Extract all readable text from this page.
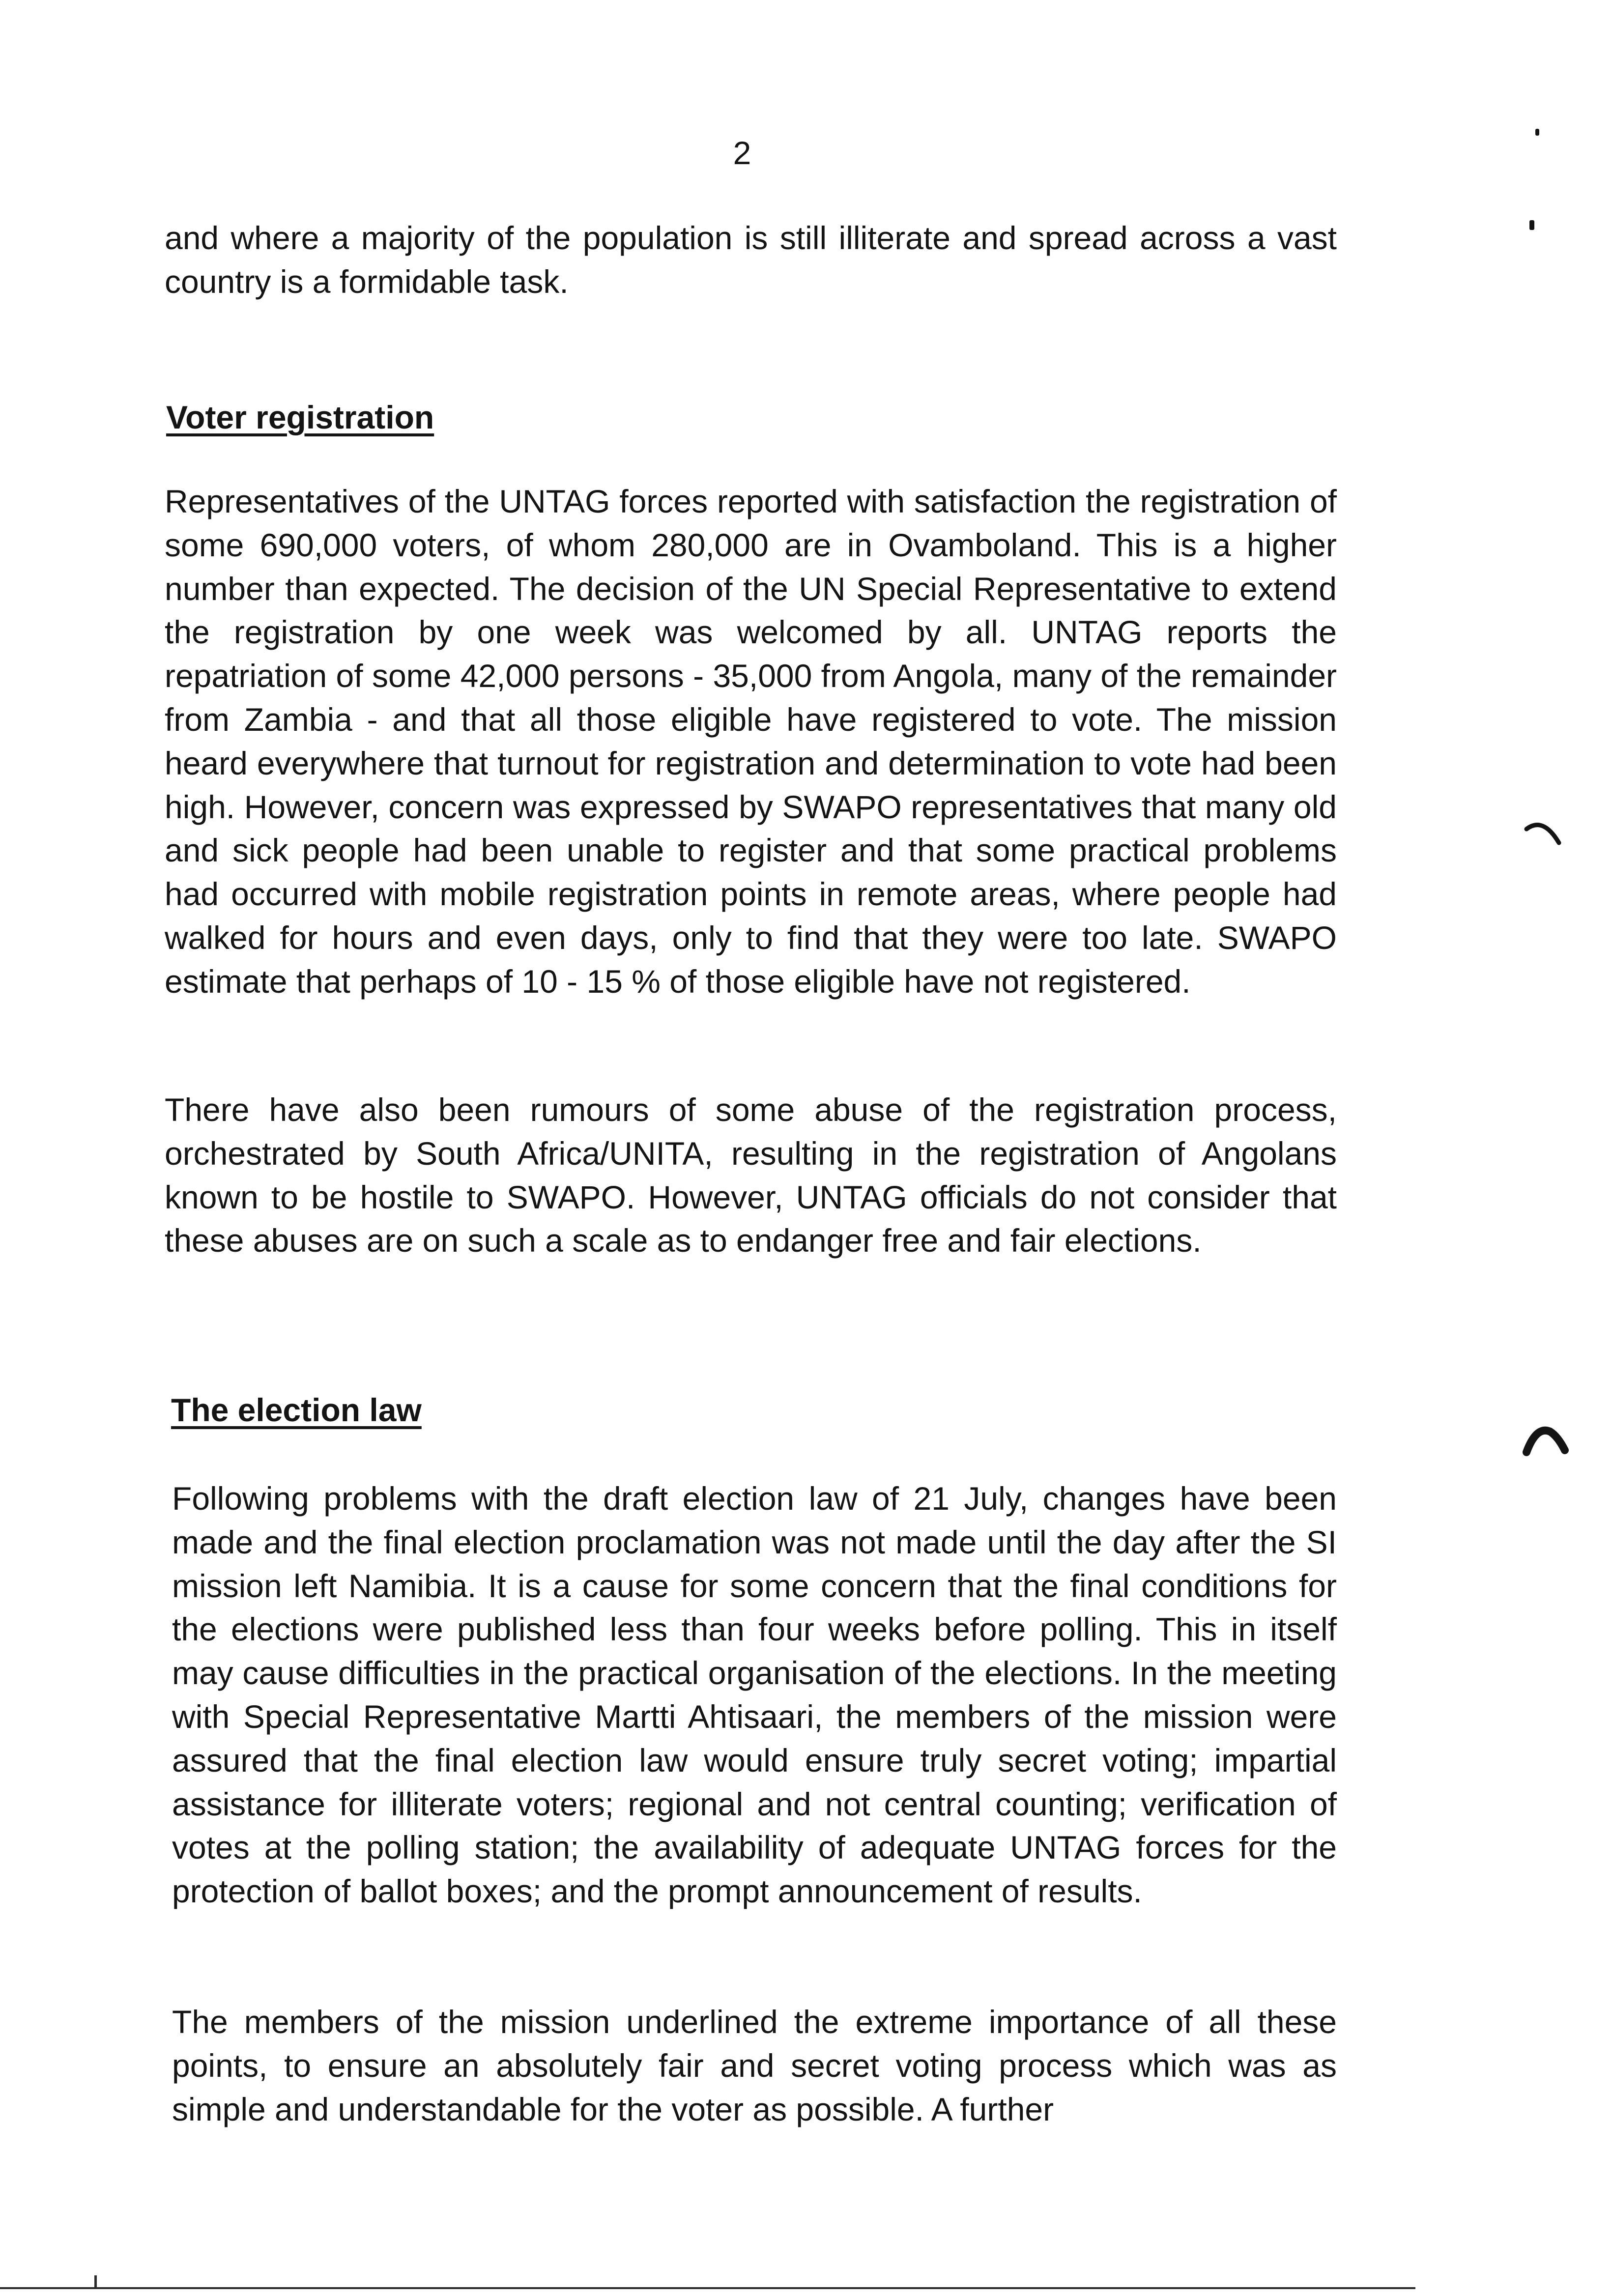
2

and where a majority of the population is still illiterate and spread across a vast country is a formidable task.

Voter registration

Representatives of the UNTAG forces reported with satisfaction the registration of some 690,000 voters, of whom 280,000 are in Ovamboland. This is a higher number than expected. The decision of the UN Special Representative to extend the registration by one week was welcomed by all. UNTAG reports the repatriation of some 42,000 persons - 35,000 from Angola, many of the remainder from Zambia - and that all those eligible have registered to vote. The mission heard everywhere that turnout for registration and determination to vote had been high. However, concern was expressed by SWAPO representatives that many old and sick people had been unable to register and that some practical problems had occurred with mobile registration points in remote areas, where people had walked for hours and even days, only to find that they were too late. SWAPO estimate that perhaps of 10 - 15 % of those eligible have not registered.

There have also been rumours of some abuse of the registration process, orchestrated by South Africa/UNITA, resulting in the registration of Angolans known to be hostile to SWAPO. However, UNTAG officials do not consider that these abuses are on such a scale as to endanger free and fair elections.

The election law

Following problems with the draft election law of 21 July, changes have been made and the final election proclamation was not made until the day after the SI mission left Namibia. It is a cause for some concern that the final conditions for the elections were published less than four weeks before polling. This in itself may cause difficulties in the practical organisation of the elections. In the meeting with Special Representative Martti Ahtisaari, the members of the mission were assured that the final election law would ensure truly secret voting; impartial assistance for illiterate voters; regional and not central counting; verification of votes at the polling station; the availability of adequate UNTAG forces for the protection of ballot boxes; and the prompt announcement of results.

The members of the mission underlined the extreme importance of all these points, to ensure an absolutely fair and secret voting process which was as simple and understandable for the voter as possible. A further
